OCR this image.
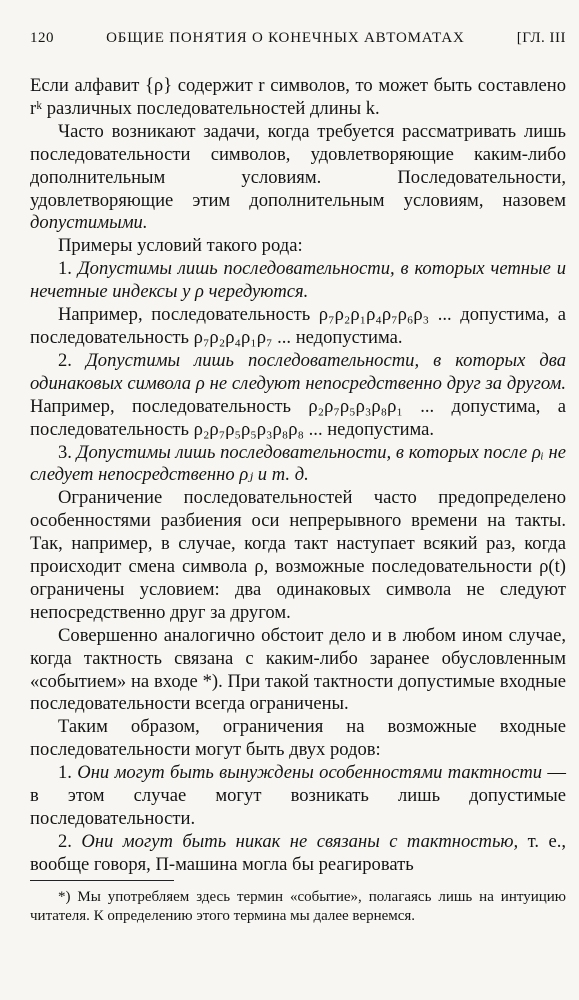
120	ОБЩИЕ ПОНЯТИЯ О КОНЕЧНЫХ АВТОМАТАХ	[ГЛ. III

Если алфавит {ρ} содержит r символов, то может быть составлено rᵏ различных последовательностей длины k.

Часто возникают задачи, когда требуется рассматривать лишь последовательности символов, удовлетворяющие каким-либо дополнительным условиям. Последовательности, удовлетворяющие этим дополнительным условиям, назовем допустимыми.

Примеры условий такого рода:

1. Допустимы лишь последовательности, в которых четные и нечетные индексы у ρ чередуются.

Например, последовательность ρ₇ρ₂ρ₁ρ₄ρ₇ρ₆ρ₃ ... допустима, а последовательность ρ₇ρ₂ρ₄ρ₁ρ₇ ... недопустима.

2. Допустимы лишь последовательности, в которых два одинаковых символа ρ не следуют непосредственно друг за другом. Например, последовательность ρ₂ρ₇ρ₅ρ₃ρ₈ρ₁ ... допустима, а последовательность ρ₂ρ₇ρ₅ρ₅ρ₃ρ₈ρ₈ ... недопустима.

3. Допустимы лишь последовательности, в которых после ρᵢ не следует непосредственно ρⱼ и т. д.

Ограничение последовательностей часто предопределено особенностями разбиения оси непрерывного времени на такты. Так, например, в случае, когда такт наступает всякий раз, когда происходит смена символа ρ, возможные последовательности ρ(t) ограничены условием: два одинаковых символа не следуют непосредственно друг за другом.

Совершенно аналогично обстоит дело и в любом ином случае, когда тактность связана с каким-либо заранее обусловленным «событием» на входе *). При такой тактности допустимые входные последовательности всегда ограничены.

Таким образом, ограничения на возможные входные последовательности могут быть двух родов:

1. Они могут быть вынуждены особенностями тактности — в этом случае могут возникать лишь допустимые последовательности.

2. Они могут быть никак не связаны с тактностью, т. е., вообще говоря, П-машина могла бы реагировать

*) Мы употребляем здесь термин «событие», полагаясь лишь на интуицию читателя. К определению этого термина мы далее вернемся.
